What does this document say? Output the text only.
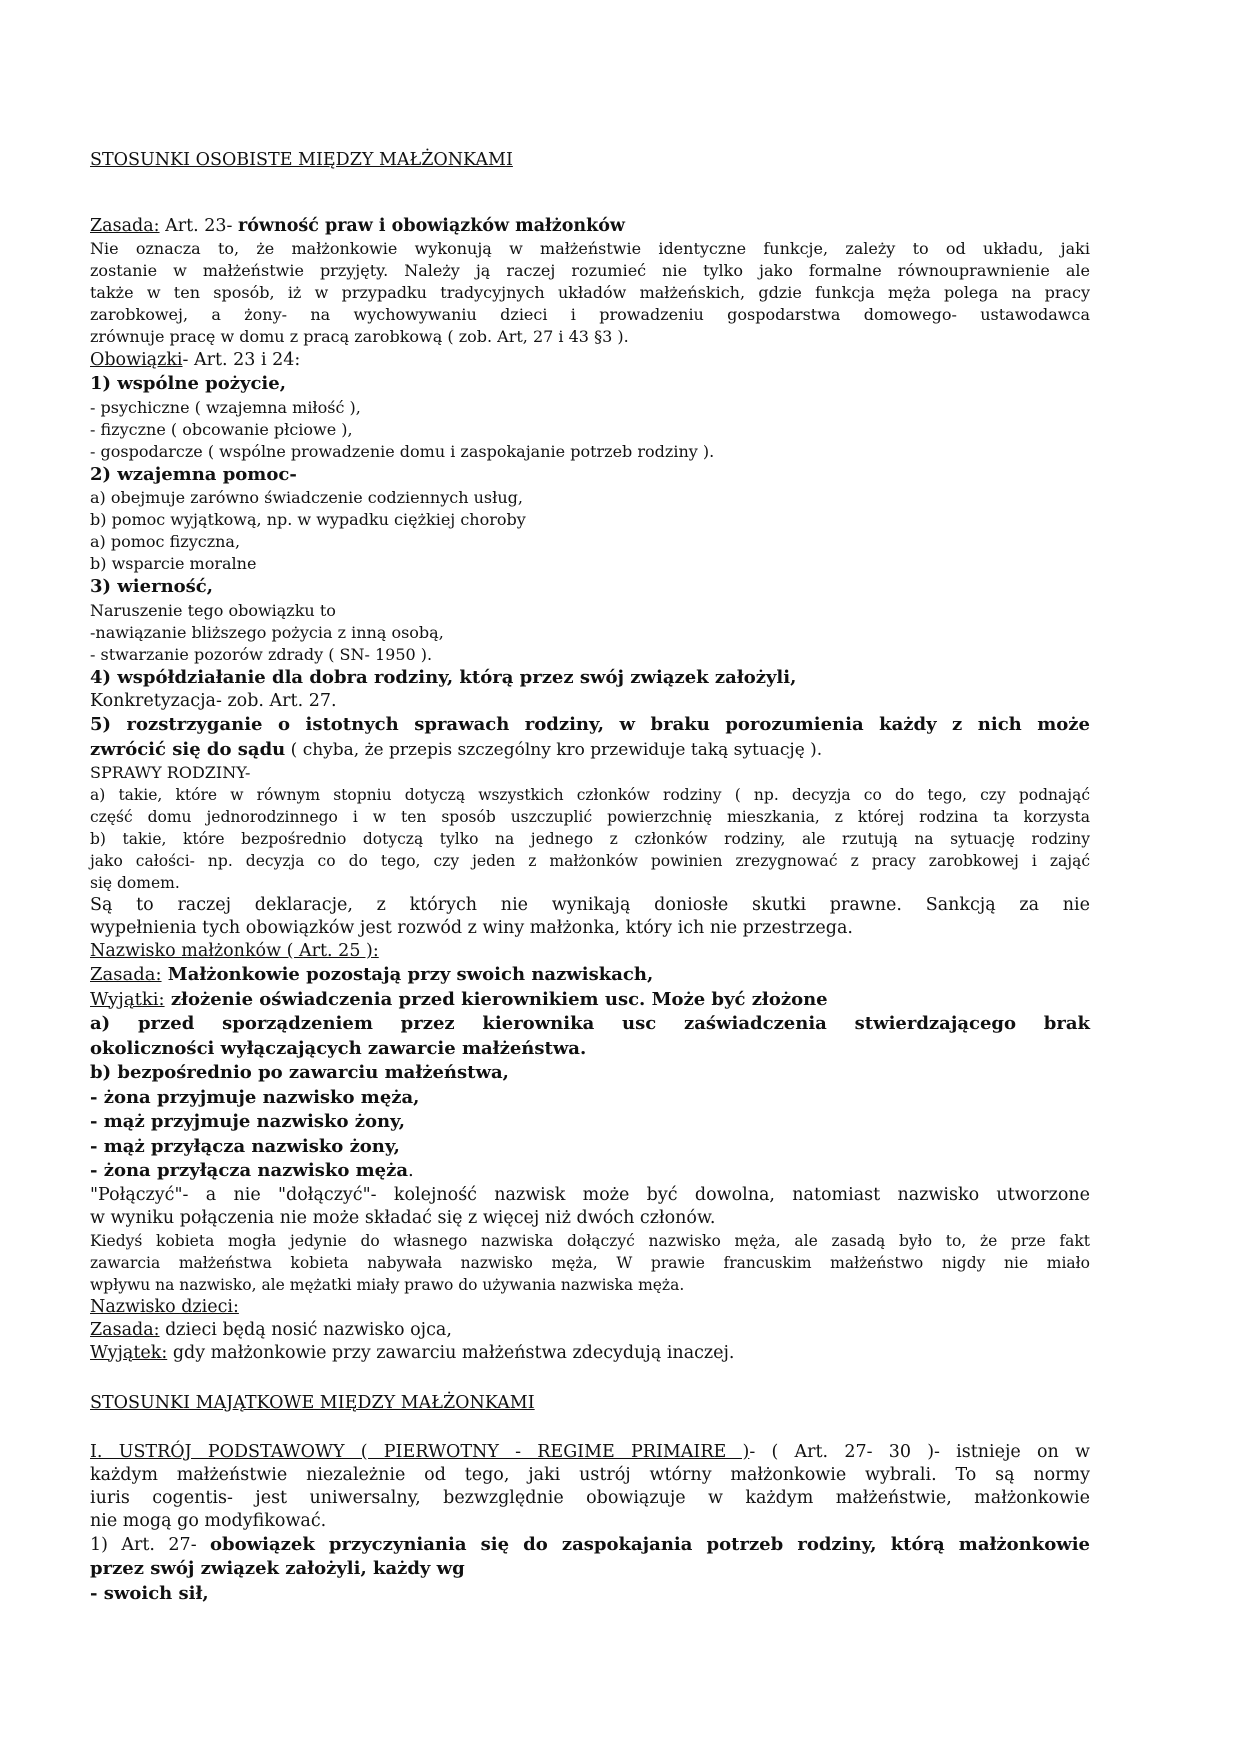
STOSUNKI OSOBISTE MIĘDZY MAŁŻONKAMI

Zasada: Art. 23- równość praw i obowiązków małżonków

Nie oznacza to, że małżonkowie wykonują w małżeństwie identyczne funkcje, zależy to od układu, jaki

zostanie w małżeństwie przyjęty. Należy ją raczej rozumieć nie tylko jako formalne równouprawnienie ale

także w ten sposób, iż w przypadku tradycyjnych układów małżeńskich, gdzie funkcja męża polega na pracy

zarobkowej, a żony- na wychowywaniu dzieci i prowadzeniu gospodarstwa domowego- ustawodawca

zrównuje pracę w domu z pracą zarobkową ( zob. Art, 27 i 43 §3 ).

Obowiązki- Art. 23 i 24:

1) wspólne pożycie,

- psychiczne ( wzajemna miłość ),

- fizyczne ( obcowanie płciowe ),

- gospodarcze ( wspólne prowadzenie domu i zaspokajanie potrzeb rodziny ).

2) wzajemna pomoc-

a) obejmuje zarówno świadczenie codziennych usług,

b) pomoc wyjątkową, np. w wypadku ciężkiej choroby

a) pomoc fizyczna,

b) wsparcie moralne

3) wierność,

Naruszenie tego obowiązku to

-nawiązanie bliższego pożycia z inną osobą,

- stwarzanie pozorów zdrady ( SN- 1950 ).

4) współdziałanie dla dobra rodziny, którą przez swój związek założyli,

Konkretyzacja- zob. Art. 27.

5) rozstrzyganie o istotnych sprawach rodziny, w braku porozumienia każdy z nich może

zwrócić się do sądu ( chyba, że przepis szczególny kro przewiduje taką sytuację ).

SPRAWY RODZINY-

a) takie, które w równym stopniu dotyczą wszystkich członków rodziny ( np. decyzja co do tego, czy podnająć

część domu jednorodzinnego i w ten sposób uszczuplić powierzchnię mieszkania, z której rodzina ta korzysta

b) takie, które bezpośrednio dotyczą tylko na jednego z członków rodziny, ale rzutują na sytuację rodziny

jako całości- np. decyzja co do tego, czy jeden z małżonków powinien zrezygnować z pracy zarobkowej i zająć

się domem.

Są to raczej deklaracje, z których nie wynikają doniosłe skutki prawne. Sankcją za nie

wypełnienia tych obowiązków jest rozwód z winy małżonka, który ich nie przestrzega.

Nazwisko małżonków ( Art. 25 ):

Zasada: Małżonkowie pozostają przy swoich nazwiskach,

Wyjątki: złożenie oświadczenia przed kierownikiem usc. Może być złożone

a) przed sporządzeniem przez kierownika usc zaświadczenia stwierdzającego brak

okoliczności wyłączających zawarcie małżeństwa.

b) bezpośrednio po zawarciu małżeństwa,

- żona przyjmuje nazwisko męża,

- mąż przyjmuje nazwisko żony,

- mąż przyłącza nazwisko żony,

- żona przyłącza nazwisko męża.

"Połączyć"- a nie "dołączyć"- kolejność nazwisk może być dowolna, natomiast nazwisko utworzone

w wyniku połączenia nie może składać się z więcej niż dwóch członów.

Kiedyś kobieta mogła jedynie do własnego nazwiska dołączyć nazwisko męża, ale zasadą było to, że prze fakt

zawarcia małżeństwa kobieta nabywała nazwisko męża, W prawie francuskim małżeństwo nigdy nie miało

wpływu na nazwisko, ale mężatki miały prawo do używania nazwiska męża.

Nazwisko dzieci:

Zasada: dzieci będą nosić nazwisko ojca,

Wyjątek: gdy małżonkowie przy zawarciu małżeństwa zdecydują inaczej.

STOSUNKI MAJĄTKOWE MIĘDZY MAŁŻONKAMI

I. USTRÓJ PODSTAWOWY ( PIERWOTNY - REGIME PRIMAIRE )- ( Art. 27- 30 )- istnieje on w

każdym małżeństwie niezależnie od tego, jaki ustrój wtórny małżonkowie wybrali. To są normy

iuris cogentis- jest uniwersalny, bezwzględnie obowiązuje w każdym małżeństwie, małżonkowie

nie mogą go modyfikować.

1) Art. 27- obowiązek przyczyniania się do zaspokajania potrzeb rodziny, którą małżonkowie

przez swój związek założyli, każdy wg

- swoich sił,
